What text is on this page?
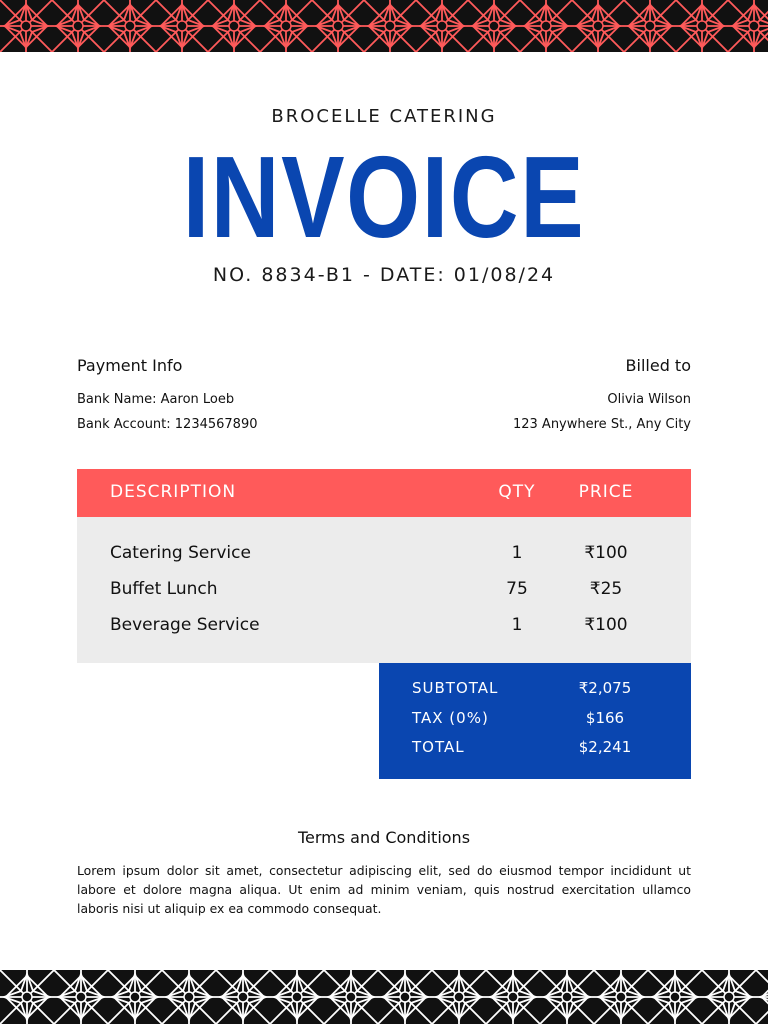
BROCELLE CATERING
INVOICE
NO. 8834-B1 - DATE: 01/08/24
Payment Info
Bank Name: Aaron Loeb
Bank Account: 1234567890
Billed to
Olivia Wilson
123 Anywhere St., Any City
DESCRIPTION	QTY	PRICE
Catering Service	1	₹100
Buffet Lunch	75	₹25
Beverage Service	1	₹100
SUBTOTAL	₹2,075
TAX (0%)	$166
TOTAL	$2,241
Terms and Conditions
Lorem ipsum dolor sit amet, consectetur adipiscing elit, sed do eiusmod tempor incididunt ut labore et dolore magna aliqua. Ut enim ad minim veniam, quis nostrud exercitation ullamco laboris nisi ut aliquip ex ea commodo consequat.
